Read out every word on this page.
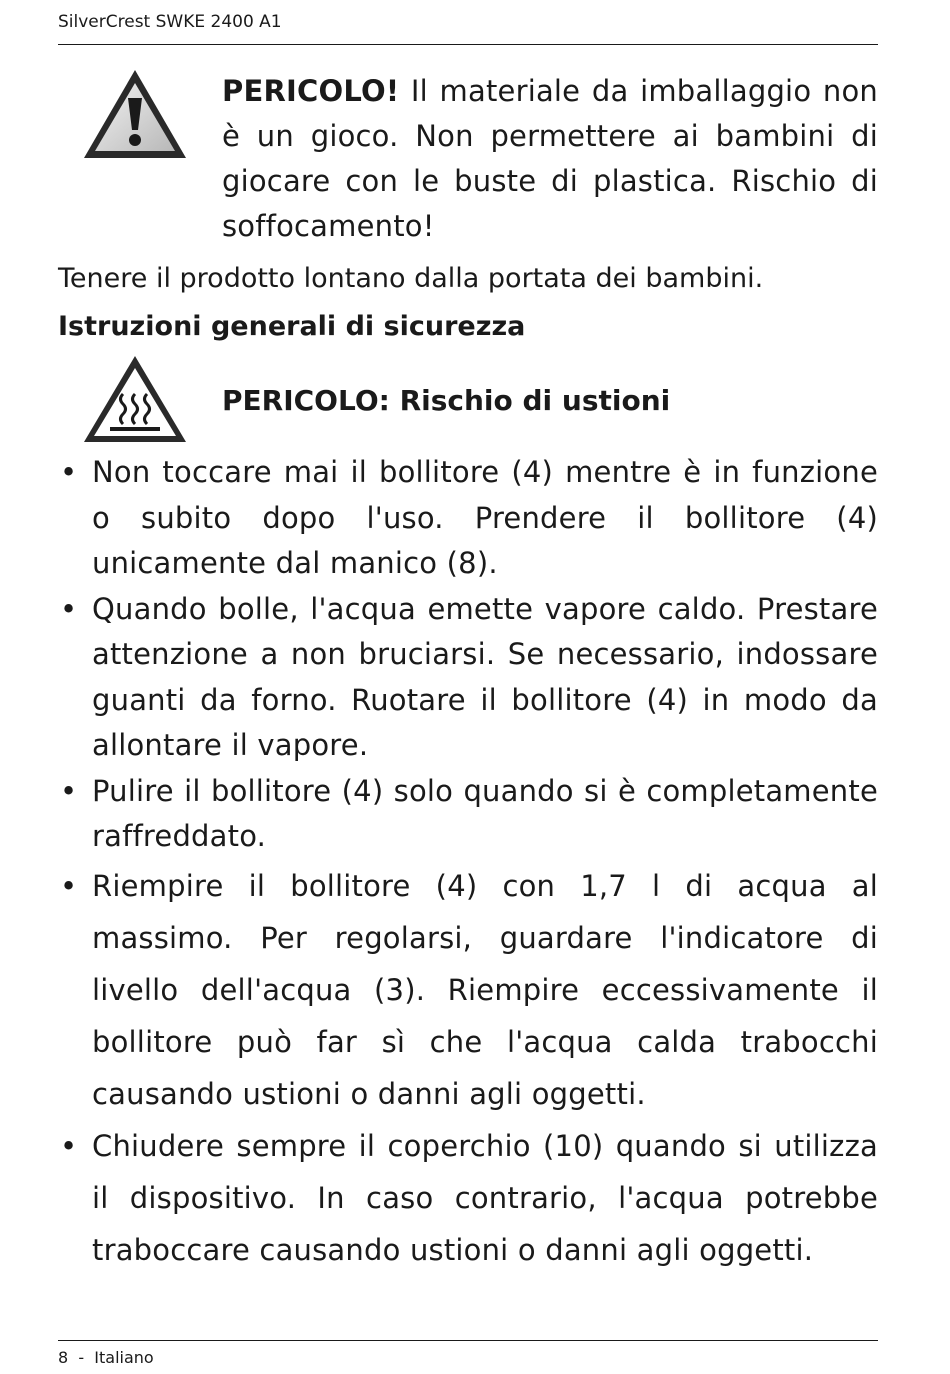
SilverCrest SWKE 2400 A1
PERICOLO! Il materiale da imballaggio non è un gioco. Non permettere ai bambini di giocare con le buste di plastica. Rischio di soffocamento!
Tenere il prodotto lontano dalla portata dei bambini.
Istruzioni generali di sicurezza
PERICOLO: Rischio di ustioni
• Non toccare mai il bollitore (4) mentre è in funzione o subito dopo l'uso. Prendere il bollitore (4) unicamente dal manico (8).
• Quando bolle, l'acqua emette vapore caldo. Prestare attenzione a non bruciarsi. Se necessario, indossare guanti da forno. Ruotare il bollitore (4) in modo da allontare il vapore.
• Pulire il bollitore (4) solo quando si è completamente raffreddato.
• Riempire il bollitore (4) con 1,7 l di acqua al massimo. Per regolarsi, guardare l'indicatore di livello dell'acqua (3). Riempire eccessivamente il bollitore può far sì che l'acqua calda trabocchi causando ustioni o danni agli oggetti.
• Chiudere sempre il coperchio (10) quando si utilizza il dispositivo. In caso contrario, l'acqua potrebbe traboccare causando ustioni o danni agli oggetti.
8  -  Italiano
